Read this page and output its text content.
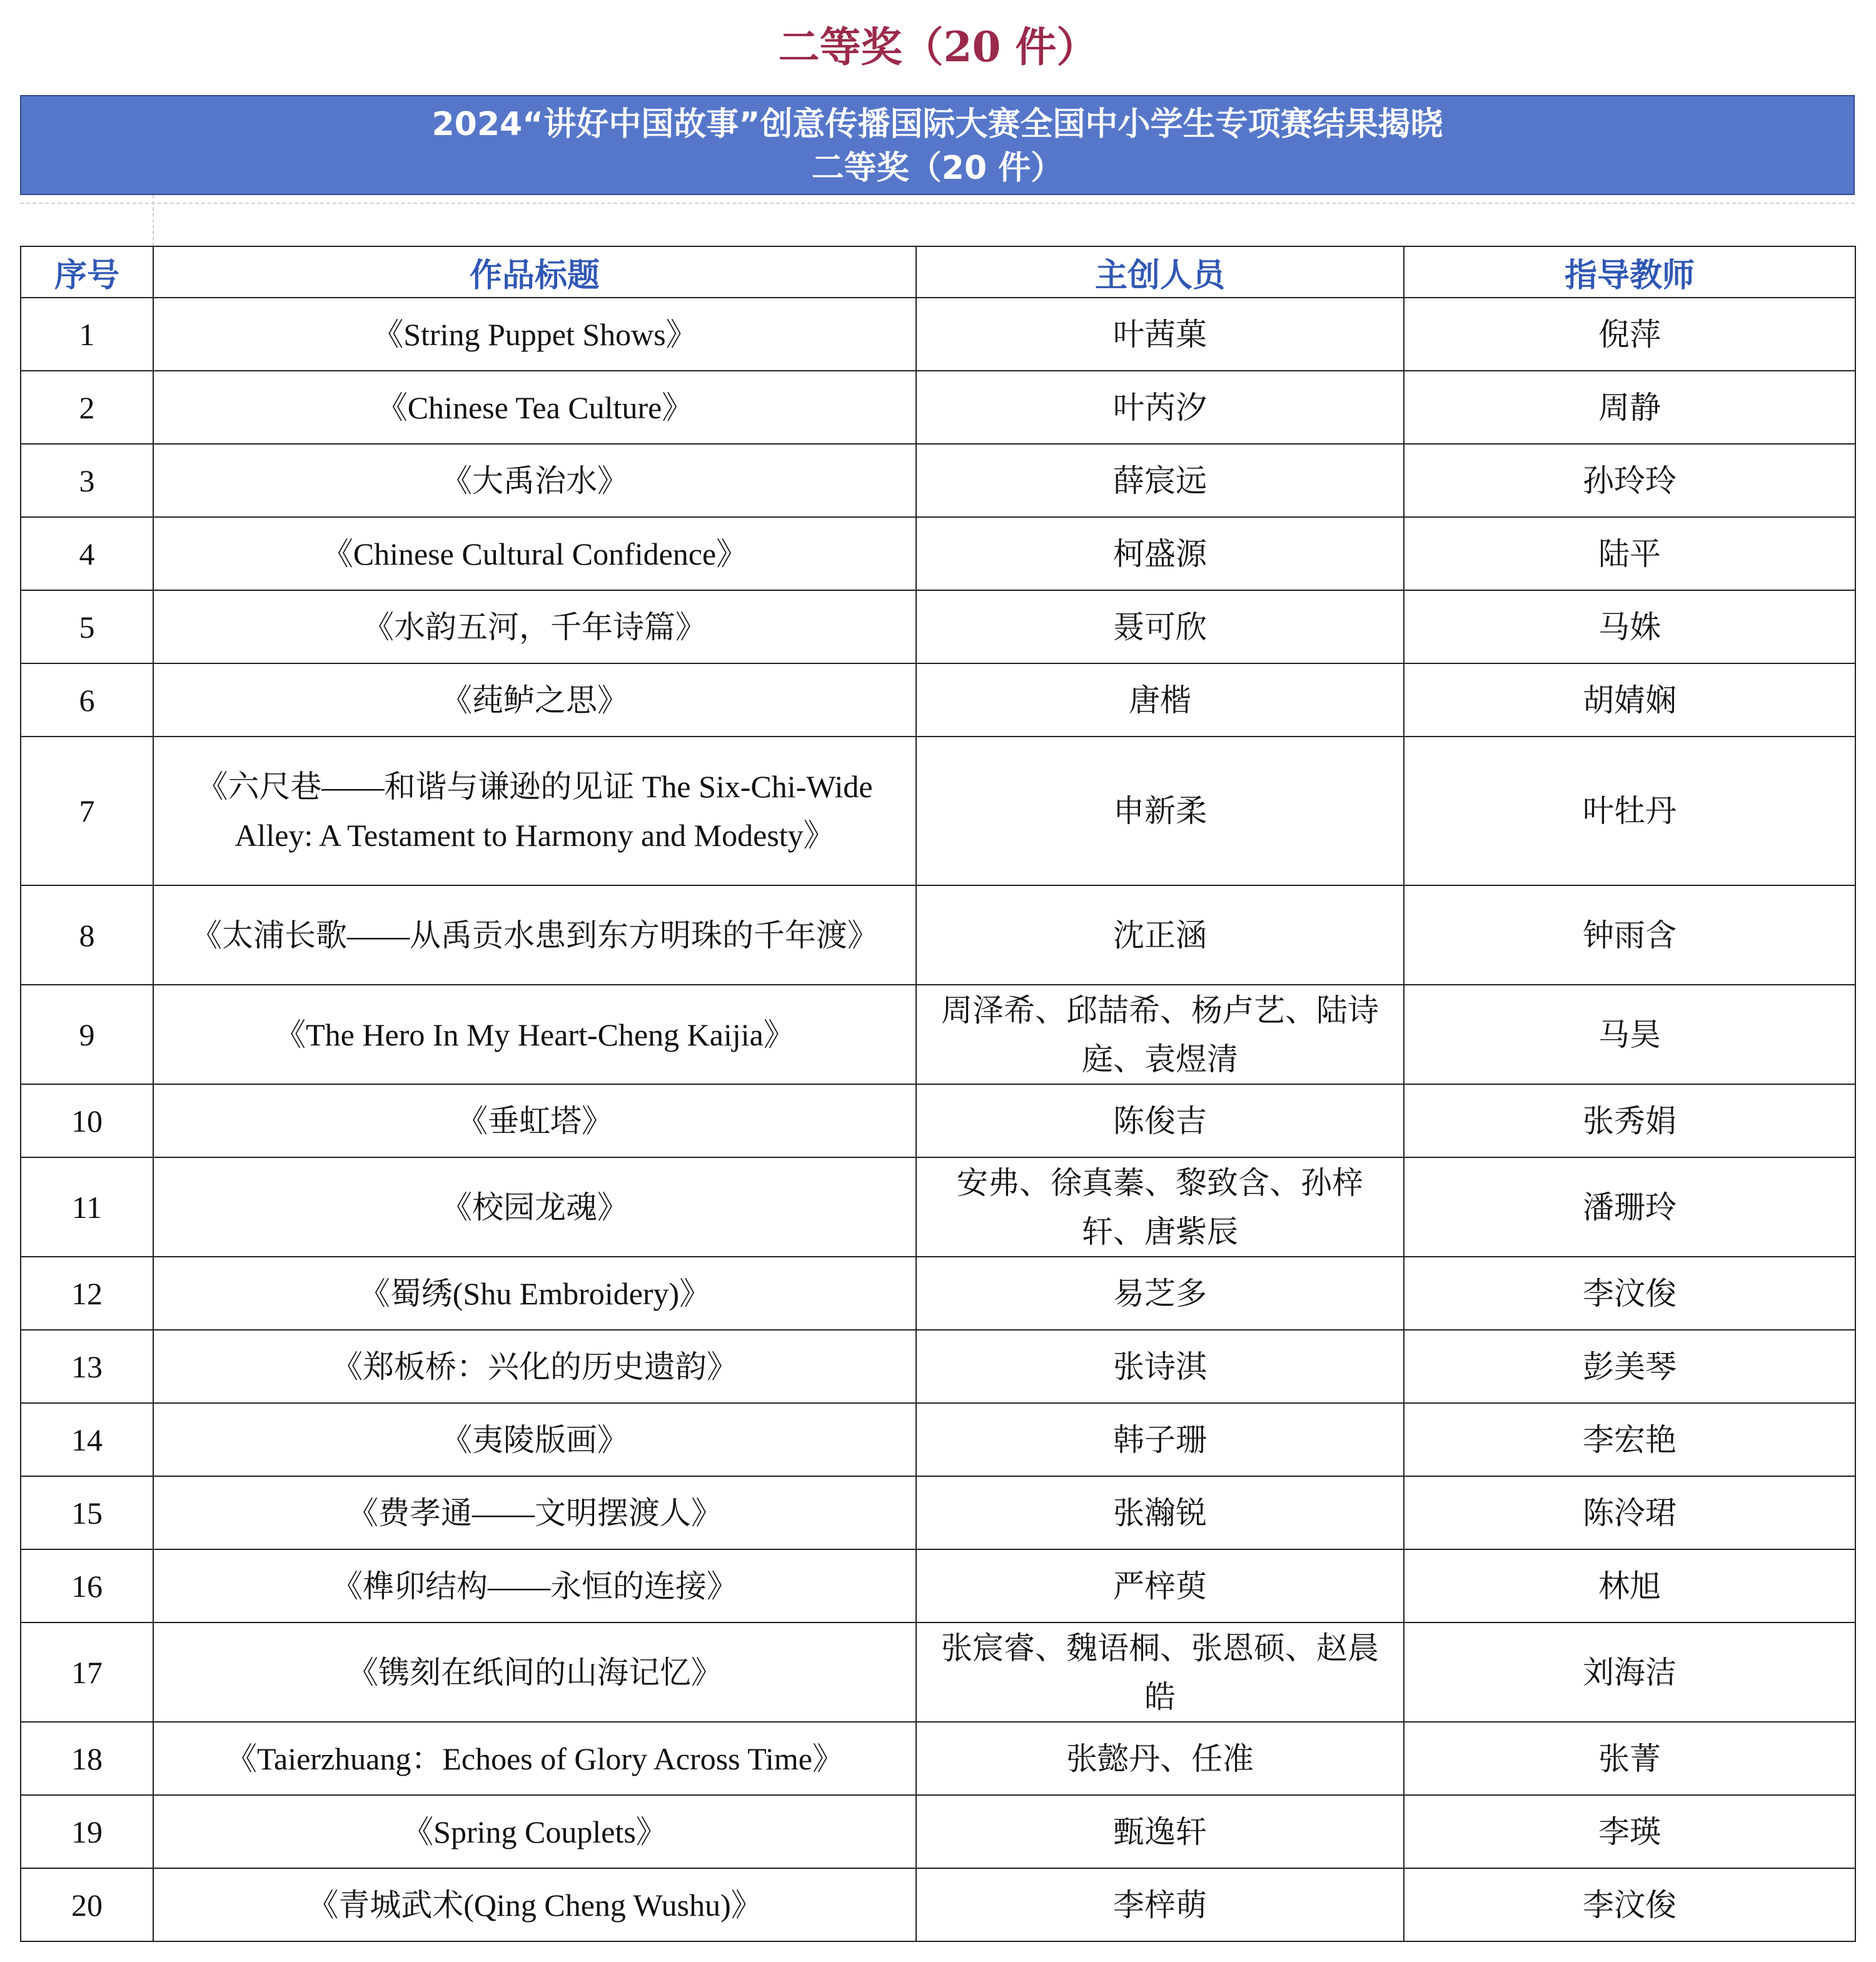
二等奖（20 件）
2024“讲好中国故事”创意传播国际大赛全国中小学生专项赛结果揭晓
二等奖（20 件）
序号	作品标题	主创人员	指导教师
1	《String Puppet Shows》	叶茜菓	倪萍
2	《Chinese Tea Culture》	叶芮汐	周静
3	《大禹治水》	薛宸远	孙玲玲
4	《Chinese Cultural Confidence》	柯盛源	陆平
5	《水韵五河，千年诗篇》	聂可欣	马姝
6	《莼鲈之思》	唐楷	胡婧娴
7	《六尺巷——和谐与谦逊的见证 The Six-Chi-Wide Alley: A Testament to Harmony and Modesty》	申新柔	叶牡丹
8	《太浦长歌——从禹贡水患到东方明珠的千年渡》	沈正涵	钟雨含
9	《The Hero In My Heart-Cheng Kaijia》	周泽希、邱喆希、杨卢艺、陆诗庭、袁煜清	马昊
10	《垂虹塔》	陈俊吉	张秀娟
11	《校园龙魂》	安弗、徐真蓁、黎致含、孙梓轩、唐紫辰	潘珊玲
12	《蜀绣(Shu Embroidery)》	易芝多	李汶俊
13	《郑板桥：兴化的历史遗韵》	张诗淇	彭美琴
14	《夷陵版画》	韩子珊	李宏艳
15	《费孝通——文明摆渡人》	张瀚锐	陈泠珺
16	《榫卯结构——永恒的连接》	严梓萸	林旭
17	《镌刻在纸间的山海记忆》	张宸睿、魏语桐、张恩硕、赵晨皓	刘海洁
18	《Taierzhuang：Echoes of Glory Across Time》	张懿丹、任准	张菁
19	《Spring Couplets》	甄逸轩	李瑛
20	《青城武术(Qing Cheng Wushu)》	李梓萌	李汶俊
